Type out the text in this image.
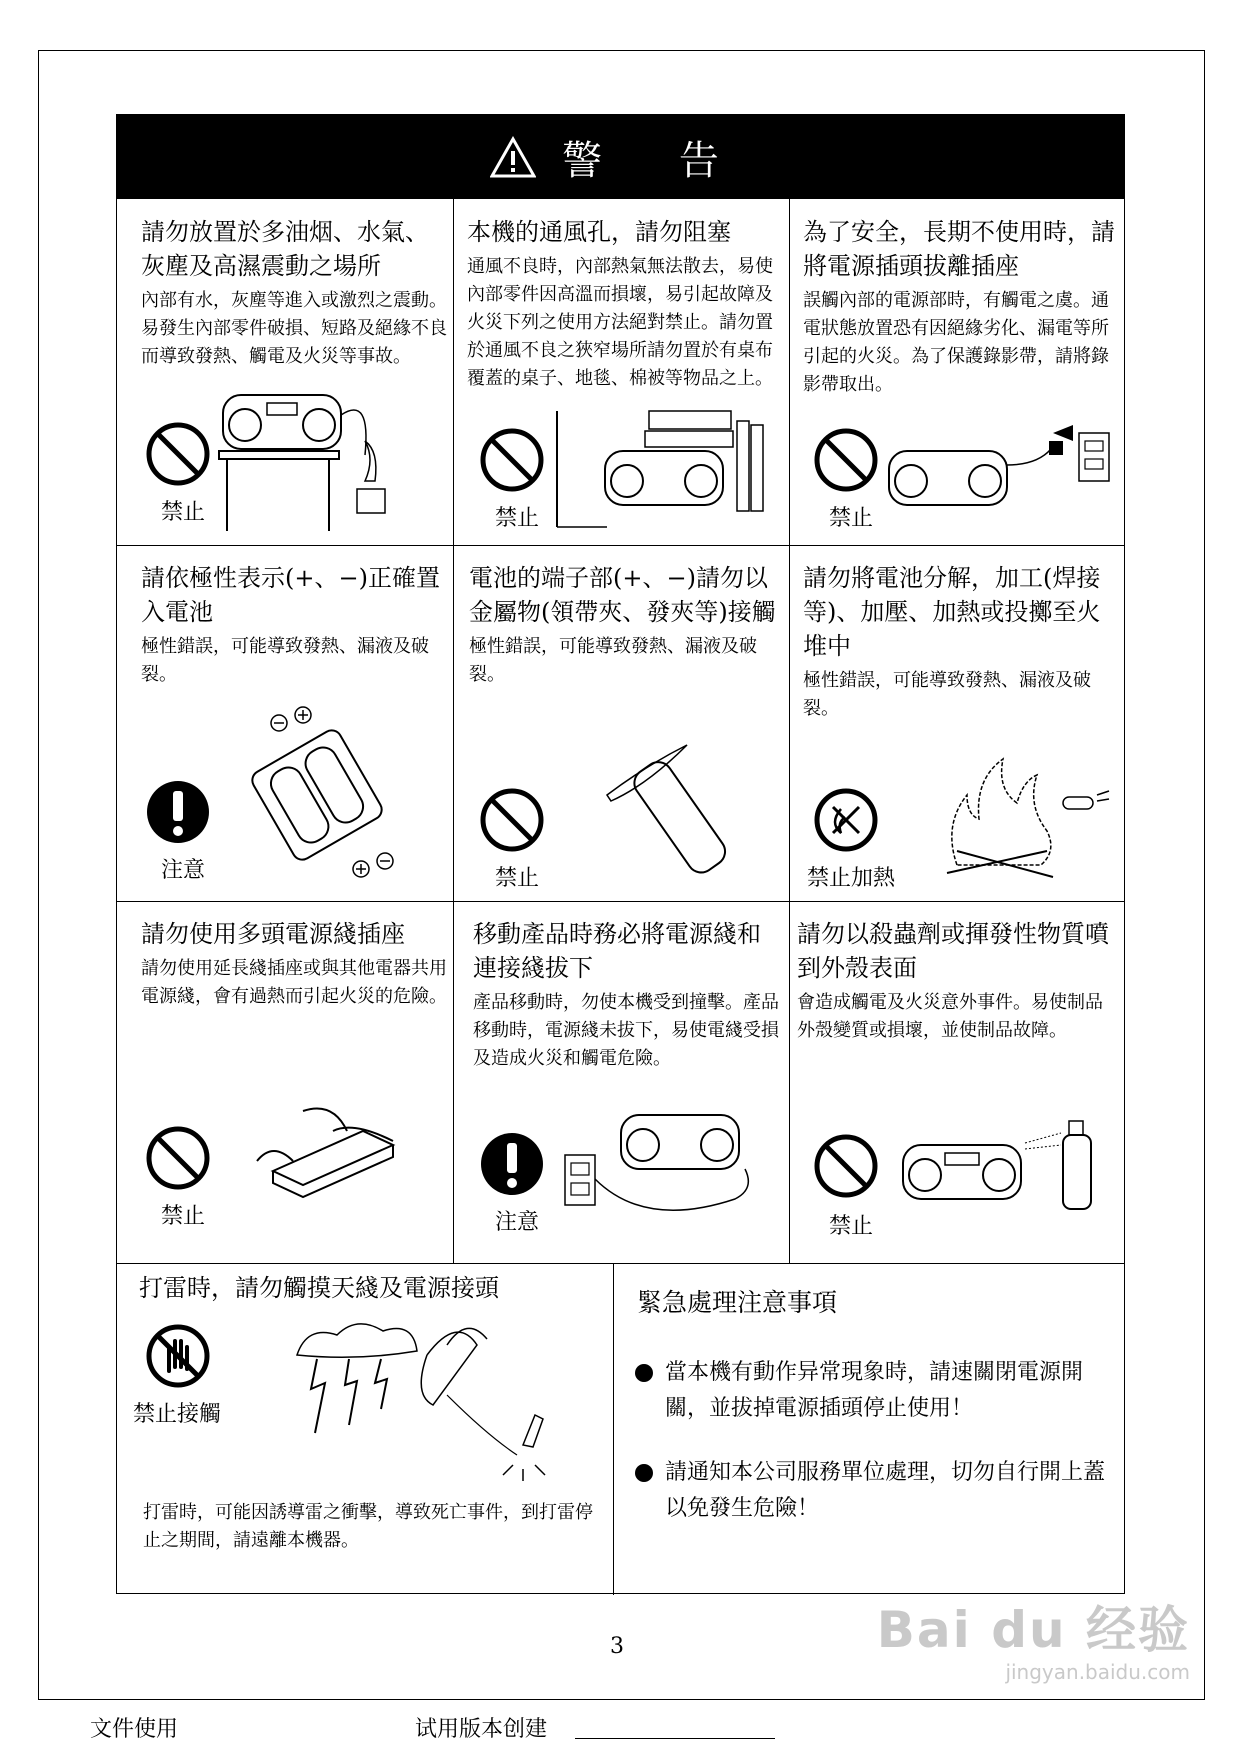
警 告
請勿放置於多油烟、水氣、灰塵及高濕震動之場所
內部有水，灰塵等進入或激烈之震動。易發生內部零件破損、短路及絕緣不良而導致發熱、觸電及火災等事故。
禁止
本機的通風孔，請勿阻塞
通風不良時，內部熱氣無法散去，易使內部零件因高溫而損壞，易引起故障及火災下列之使用方法絕對禁止。請勿置於通風不良之狹窄場所請勿置於有桌布覆蓋的桌子、地毯、棉被等物品之上。
禁止
為了安全，長期不使用時，請將電源插頭拔離插座
誤觸內部的電源部時，有觸電之虞。通電狀態放置恐有因絕緣劣化、漏電等所引起的火災。為了保護錄影帶，請將錄影帶取出。
禁止
請依極性表示(+、−)正確置入電池
極性錯誤，可能導致發熱、漏液及破裂。
注意
電池的端子部(+、−)請勿以金屬物(領帶夾、發夾等)接觸
極性錯誤，可能導致發熱、漏液及破裂。
禁止
請勿將電池分解，加工(焊接等)、加壓、加熱或投擲至火堆中
極性錯誤，可能導致發熱、漏液及破裂。
禁止加熱
請勿使用多頭電源綫插座
請勿使用延長綫插座或與其他電器共用電源綫，會有過熱而引起火災的危險。
禁止
移動產品時務必將電源綫和連接綫拔下
產品移動時，勿使本機受到撞擊。產品移動時，電源綫未拔下，易使電綫受損及造成火災和觸電危險。
注意
請勿以殺蟲劑或揮發性物質噴到外殼表面
會造成觸電及火災意外事件。易使制品外殼變質或損壞，並使制品故障。
禁止
打雷時，請勿觸摸天綫及電源接頭
禁止接觸
打雷時，可能因誘導雷之衝擊，導致死亡事件，到打雷停止之期間，請遠離本機器。
緊急處理注意事項
當本機有動作异常現象時，請速關閉電源開關，並拔掉電源插頭停止使用！
請通知本公司服務單位處理，切勿自行開上蓋以免發生危險！
3	Bai du 经验
jingyan.baidu.com
文件使用	试用版本创建
